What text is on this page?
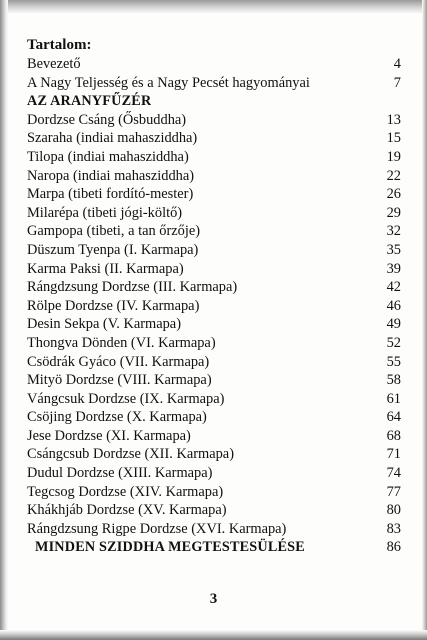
Tartalom:
Bevezető	4
A Nagy Teljesség és a Nagy Pecsét hagyományai	7
AZ ARANYFŰZÉR
Dordzse Csáng (Ősbuddha)	13
Szaraha (indiai mahasziddha)	15
Tilopa (indiai mahasziddha)	19
Naropa (indiai mahasziddha)	22
Marpa (tibeti fordító-mester)	26
Milarépa (tibeti jógi-költő)	29
Gampopa (tibeti, a tan őrzője)	32
Düszum Tyenpa (I. Karmapa)	35
Karma Paksi (II. Karmapa)	39
Rángdzsung Dordzse (III. Karmapa)	42
Rölpe Dordzse (IV. Karmapa)	46
Desin Sekpa (V. Karmapa)	49
Thongva Dönden (VI. Karmapa)	52
Csödrák Gyáco (VII. Karmapa)	55
Mityö Dordzse (VIII. Karmapa)	58
Vángcsuk Dordzse (IX. Karmapa)	61
Csöjing Dordzse (X. Karmapa)	64
Jese Dordzse (XI. Karmapa)	68
Csángcsub Dordzse (XII. Karmapa)	71
Dudul Dordzse (XIII. Karmapa)	74
Tegcsog Dordzse (XIV. Karmapa)	77
Khákhjáb Dordzse (XV. Karmapa)	80
Rángdzsung Rigpe Dordzse (XVI. Karmapa)	83
MINDEN SZIDDHA MEGTESTESÜLÉSE	86
3
